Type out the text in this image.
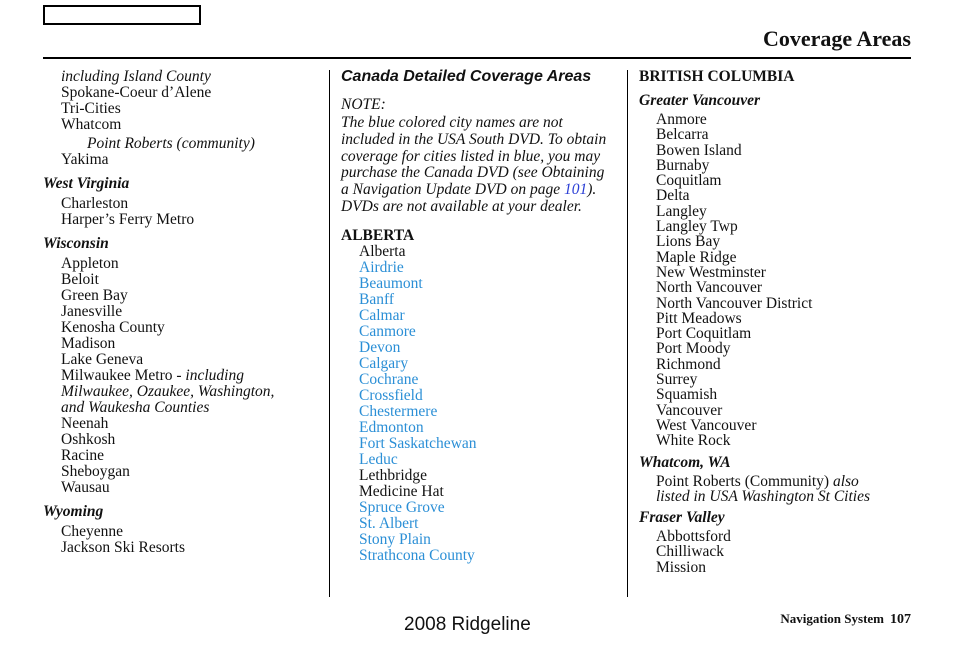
Coverage Areas
including Island County
Spokane-Coeur d’Alene
Tri-Cities
Whatcom
Point Roberts (community)
Yakima
West Virginia
Charleston
Harper’s Ferry Metro
Wisconsin
Appleton
Beloit
Green Bay
Janesville
Kenosha County
Madison
Lake Geneva
Milwaukee Metro - including
Milwaukee, Ozaukee, Washington,
and Waukesha Counties
Neenah
Oshkosh
Racine
Sheboygan
Wausau
Wyoming
Cheyenne
Jackson Ski Resorts
Canada Detailed Coverage Areas
NOTE:
The blue colored city names are not included in the USA South DVD. To obtain coverage for cities listed in blue, you may purchase the Canada DVD (see Obtaining a Navigation Update DVD on page 101). DVDs are not available at your dealer.
ALBERTA
Alberta
Airdrie
Beaumont
Banff
Calmar
Canmore
Devon
Calgary
Cochrane
Crossfield
Chestermere
Edmonton
Fort Saskatchewan
Leduc
Lethbridge
Medicine Hat
Spruce Grove
St. Albert
Stony Plain
Strathcona County
BRITISH COLUMBIA
Greater Vancouver
Anmore
Belcarra
Bowen Island
Burnaby
Coquitlam
Delta
Langley
Langley Twp
Lions Bay
Maple Ridge
New Westminster
North Vancouver
North Vancouver District
Pitt Meadows
Port Coquitlam
Port Moody
Richmond
Surrey
Squamish
Vancouver
West Vancouver
White Rock
Whatcom, WA
Point Roberts (Community) also
listed in USA Washington St Cities
Fraser Valley
Abbottsford
Chilliwack
Mission
2008 Ridgeline	Navigation System 107
